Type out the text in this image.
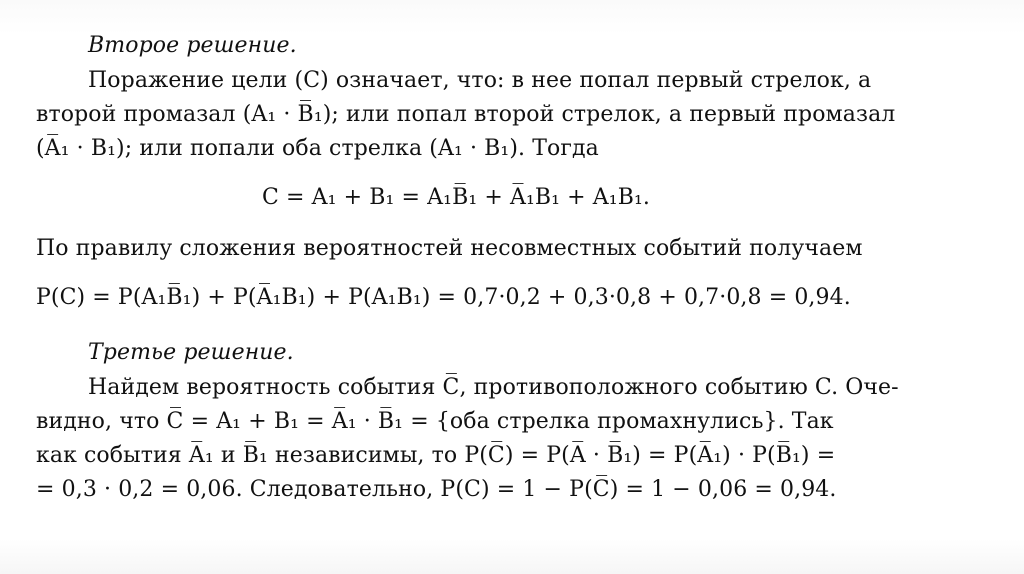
Второе решение.
Поражение цели (C) означает, что: в нее попал первый стрелок, а
второй промазал (A₁ · B̅₁); или попал второй стрелок, а первый промазал
(A̅₁ · B₁); или попали оба стрелка (A₁ · B₁). Тогда
C = A₁ + B₁ = A₁B̅₁ + A̅₁B₁ + A₁B₁.
По правилу сложения вероятностей несовместных событий получаем
P(C) = P(A₁B̅₁) + P(A̅₁B₁) + P(A₁B₁) = 0,7·0,2 + 0,3·0,8 + 0,7·0,8 = 0,94.
Третье решение.
Найдем вероятность события C̅, противоположного событию C. Оче-
видно, что C̅ = A₁ + B₁ = A̅₁ · B̅₁ = {оба стрелка промахнулись}. Так
как события A̅₁ и B̅₁ независимы, то P(C̅) = P(A̅ · B̅₁) = P(A̅₁) · P(B̅₁) =
= 0,3 · 0,2 = 0,06. Следовательно, P(C) = 1 − P(C̅) = 1 − 0,06 = 0,94.
